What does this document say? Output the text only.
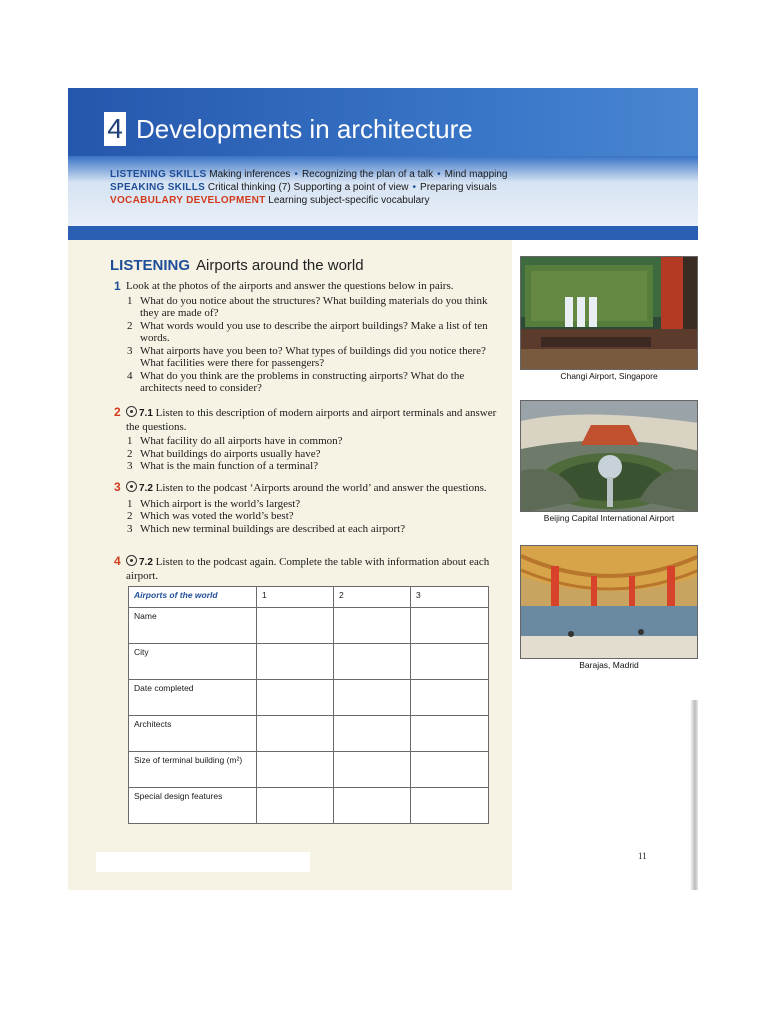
4 Developments in architecture
LISTENING SKILLS Making inferences • Recognizing the plan of a talk • Mind mapping
SPEAKING SKILLS Critical thinking (7) Supporting a point of view • Preparing visuals
VOCABULARY DEVELOPMENT Learning subject-specific vocabulary
LISTENING Airports around the world
1 Look at the photos of the airports and answer the questions below in pairs.
1 What do you notice about the structures? What building materials do you think they are made of?
2 What words would you use to describe the airport buildings? Make a list of ten words.
3 What airports have you been to? What types of buildings did you notice there? What facilities were there for passengers?
4 What do you think are the problems in constructing airports? What do the architects need to consider?
2	7.1 Listen to this description of modern airports and airport terminals and answer the questions.
1 What facility do all airports have in common?
2 What buildings do airports usually have?
3 What is the main function of a terminal?
3	7.2 Listen to the podcast ‘Airports around the world’ and answer the questions.
1 Which airport is the world’s largest?
2 Which was voted the world’s best?
3 Which new terminal buildings are described at each airport?
4	7.2 Listen to the podcast again. Complete the table with information about each airport.
Airports of the world	1	2	3
Name			
City			
Date completed			
Architects			
Size of terminal building (m²)			
Special design features			
Changi Airport, Singapore
Beijing Capital International Airport
Barajas, Madrid
11
